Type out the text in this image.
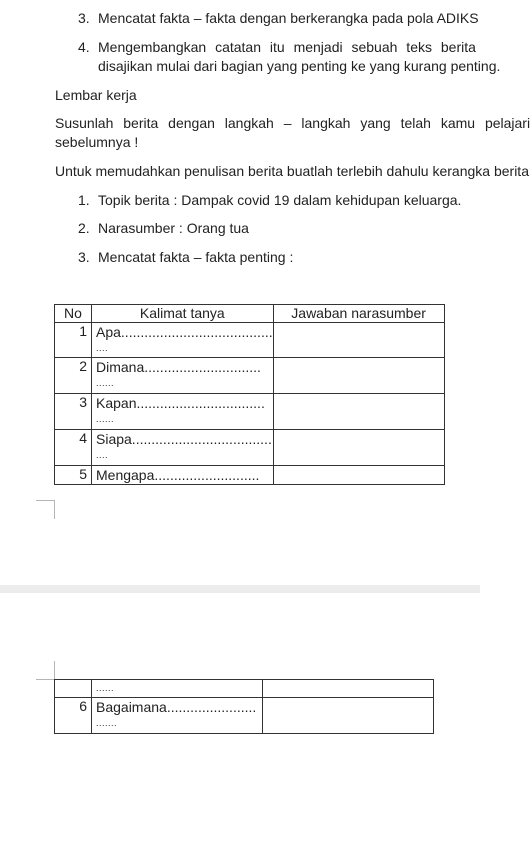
3. Mencatat fakta – fakta dengan berkerangka pada pola ADIKS
4. Mengembangkan catatan itu menjadi sebuah teks berita
disajikan mulai dari bagian yang penting ke yang kurang penting.
Lembar kerja
Susunlah berita dengan langkah – langkah yang telah kamu pelajari
sebelumnya !
Untuk memudahkan penulisan berita buatlah terlebih dahulu kerangka berita
1. Topik berita : Dampak covid 19 dalam kehidupan keluarga.
2. Narasumber : Orang tua
3. Mencatat fakta – fakta penting :
No	Kalimat tanya	Jawaban narasumber
1	Apa.......................................
....	

2	Dimana..............................
......	

3	Kapan.................................
......	

4	Siapa....................................
....	

5	Mengapa...........................	

	......	

6	Bagaimana.......................
.......	
